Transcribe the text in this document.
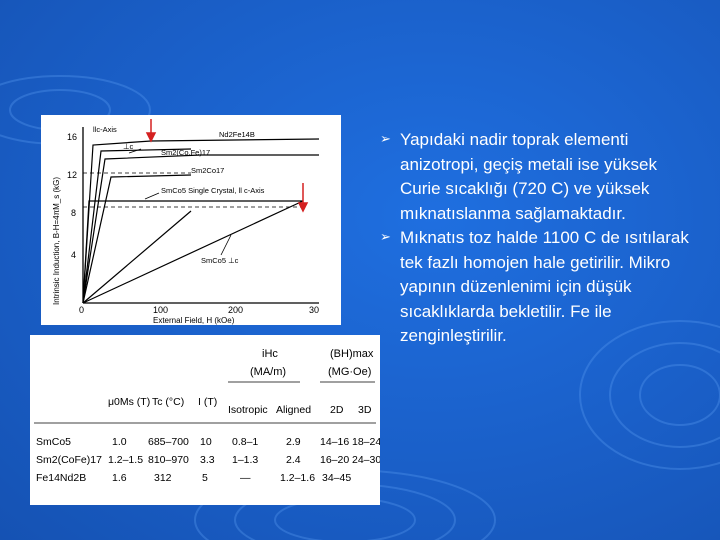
4
8
12
16
0	100	200	30
Intrinsic Induction, B-H=4πM_s (kG)
External Field, H (kOe)
llc-Axis
Nd2Fe14B
⊥c
Sm2(Co,Fe)17
Sm2Co17
SmCo5 Single Crystal, ll c-Axis
SmCo5 ⊥c
iHc	(BH)max
(MA/m)	(MG·Oe)
μ0Ms (T) Tc (°C) I (T)
Isotropic Aligned 2D 3D
SmCo5	1.0 685–700 10 0.8–1	2.9 14–16 18–24
Sm2(CoFe)17 1.2–1.5 810–970 3.3 1–1.3	2.4 16–20 24–30
Fe14Nd2B 1.6	312	5	—	1.2–1.6 34–45
➢ Yapıdaki nadir toprak elementi anizotropi, geçiş metali ise yüksek Curie sıcaklığı (720 C) ve yüksek mıknatıslanma sağlamaktadır.
➢ Mıknatıs toz halde 1100 C de ısıtılarak tek fazlı homojen hale getirilir. Mikro yapının düzenlenimi için düşük sıcaklıklarda bekletilir. Fe ile zenginleştirilir.
